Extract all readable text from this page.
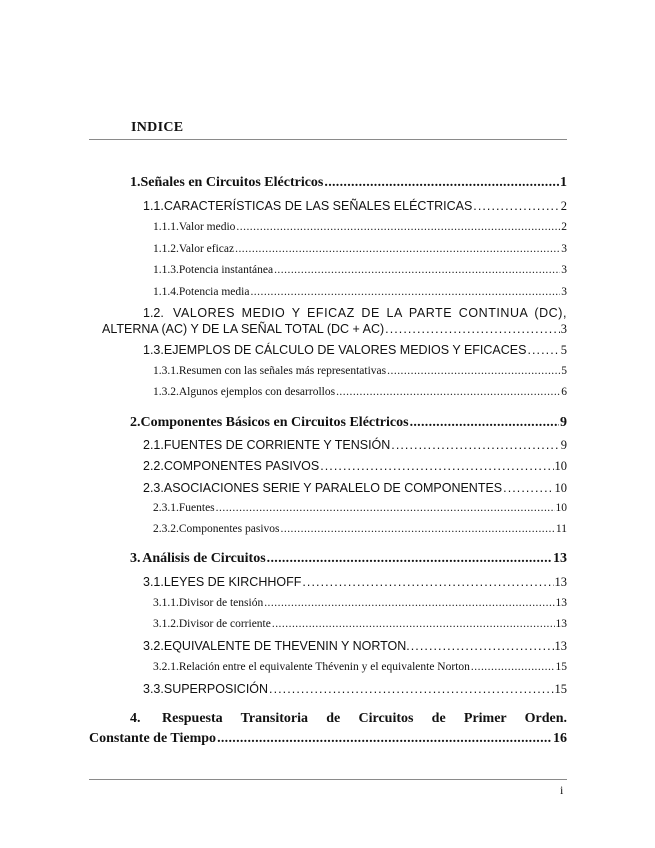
INDICE
1. Señales en Circuitos Eléctricos . . .	1
1.1. CARACTERÍSTICAS DE LAS SEÑALES ELÉCTRICAS . . .	2
1.1.1. Valor medio . . .	2
1.1.2. Valor eficaz . . .	3
1.1.3. Potencia instantánea . . .	3
1.1.4. Potencia media . . .	3
1.2. VALORES MEDIO Y EFICAZ DE LA PARTE CONTINUA (DC),
ALTERNA (AC) Y DE LA SEÑAL TOTAL (DC + AC) . . .	3
1.3. EJEMPLOS DE CÁLCULO DE VALORES MEDIOS Y EFICACES . . .	5
1.3.1. Resumen con las señales más representativas . . .	5
1.3.2. Algunos ejemplos con desarrollos . . .	6
2. Componentes Básicos en Circuitos Eléctricos . . .	9
2.1. FUENTES DE CORRIENTE Y TENSIÓN . . .	9
2.2. COMPONENTES PASIVOS . . .	10
2.3. ASOCIACIONES SERIE Y PARALELO DE COMPONENTES . . .	10
2.3.1. Fuentes . . .	10
2.3.2. Componentes pasivos . . .	11
3. Análisis de Circuitos . . .	13
3.1. LEYES DE KIRCHHOFF . . .	13
3.1.1. Divisor de tensión . . .	13
3.1.2. Divisor de corriente . . .	13
3.2. EQUIVALENTE DE THEVENIN Y NORTON. . . .	13
3.2.1. Relación entre el equivalente Thévenin y el equivalente Norton . . .	15
3.3. SUPERPOSICIÓN . . .	15
4.	Respuesta Transitoria de Circuitos de Primer Orden.
Constante de Tiempo . . .	16
i
